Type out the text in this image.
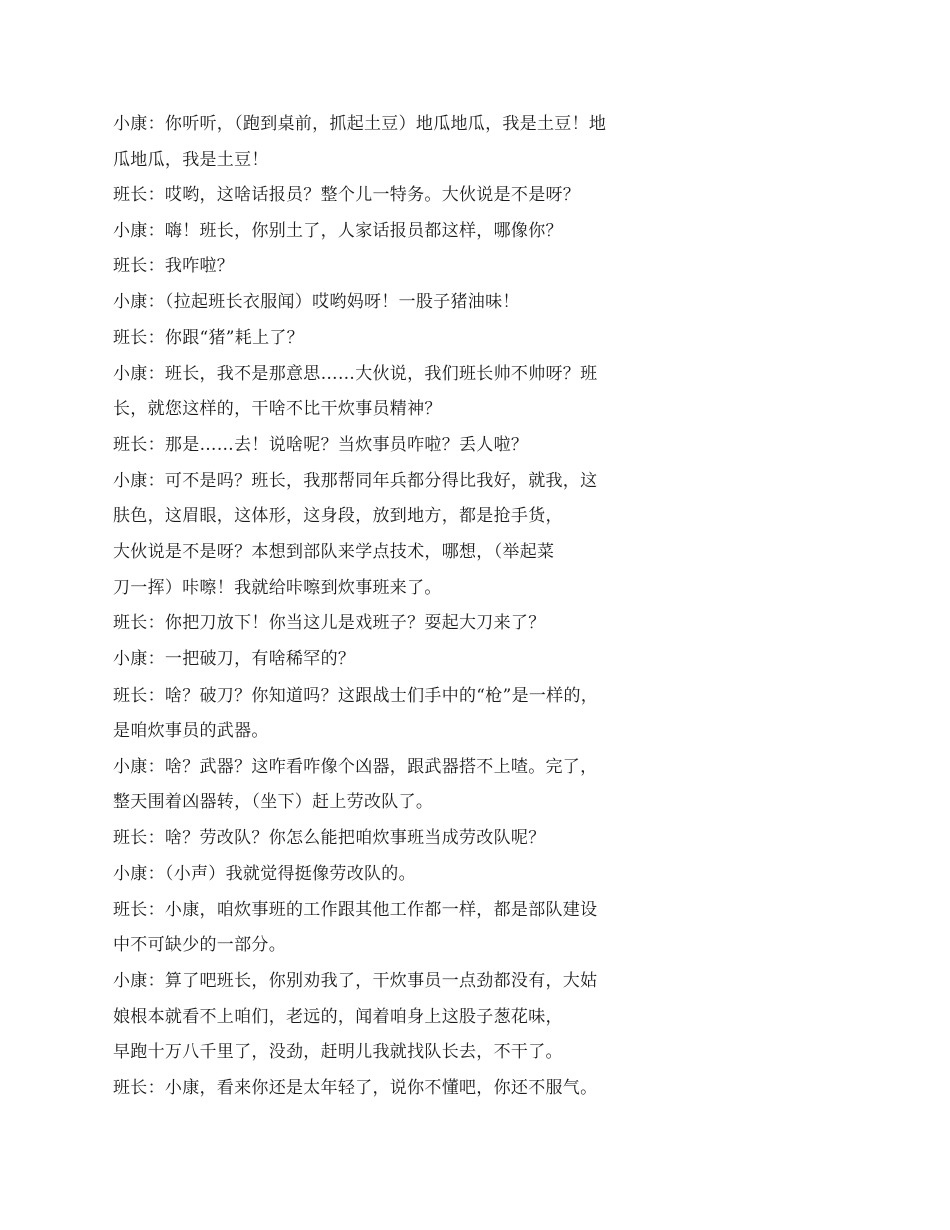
小康：你听听，（跑到桌前，抓起土豆）地瓜地瓜，我是土豆！地
瓜地瓜，我是土豆！
班长：哎哟，这啥话报员？整个儿一特务。大伙说是不是呀？
小康：嗨！班长，你别土了，人家话报员都这样，哪像你？
班长：我咋啦？
小康：（拉起班长衣服闻）哎哟妈呀！一股子猪油味！
班长：你跟“猪”耗上了？
小康：班长，我不是那意思……大伙说，我们班长帅不帅呀？班
长，就您这样的，干啥不比干炊事员精神？
班长：那是……去！说啥呢？当炊事员咋啦？丢人啦？
小康：可不是吗？班长，我那帮同年兵都分得比我好，就我，这
肤色，这眉眼，这体形，这身段，放到地方，都是抢手货，
大伙说是不是呀？本想到部队来学点技术，哪想，（举起菜
刀一挥）咔嚓！我就给咔嚓到炊事班来了。
班长：你把刀放下！你当这儿是戏班子？耍起大刀来了？
小康：一把破刀，有啥稀罕的？
班长：啥？破刀？你知道吗？这跟战士们手中的“枪”是一样的，
是咱炊事员的武器。
小康：啥？武器？这咋看咋像个凶器，跟武器搭不上喳。完了，
整天围着凶器转，（坐下）赶上劳改队了。
班长：啥？劳改队？你怎么能把咱炊事班当成劳改队呢？
小康：（小声）我就觉得挺像劳改队的。
班长：小康，咱炊事班的工作跟其他工作都一样，都是部队建设
中不可缺少的一部分。
小康：算了吧班长，你别劝我了，干炊事员一点劲都没有，大姑
娘根本就看不上咱们，老远的，闻着咱身上这股子葱花味，
早跑十万八千里了，没劲，赶明儿我就找队长去，不干了。
班长：小康，看来你还是太年轻了，说你不懂吧，你还不服气。
